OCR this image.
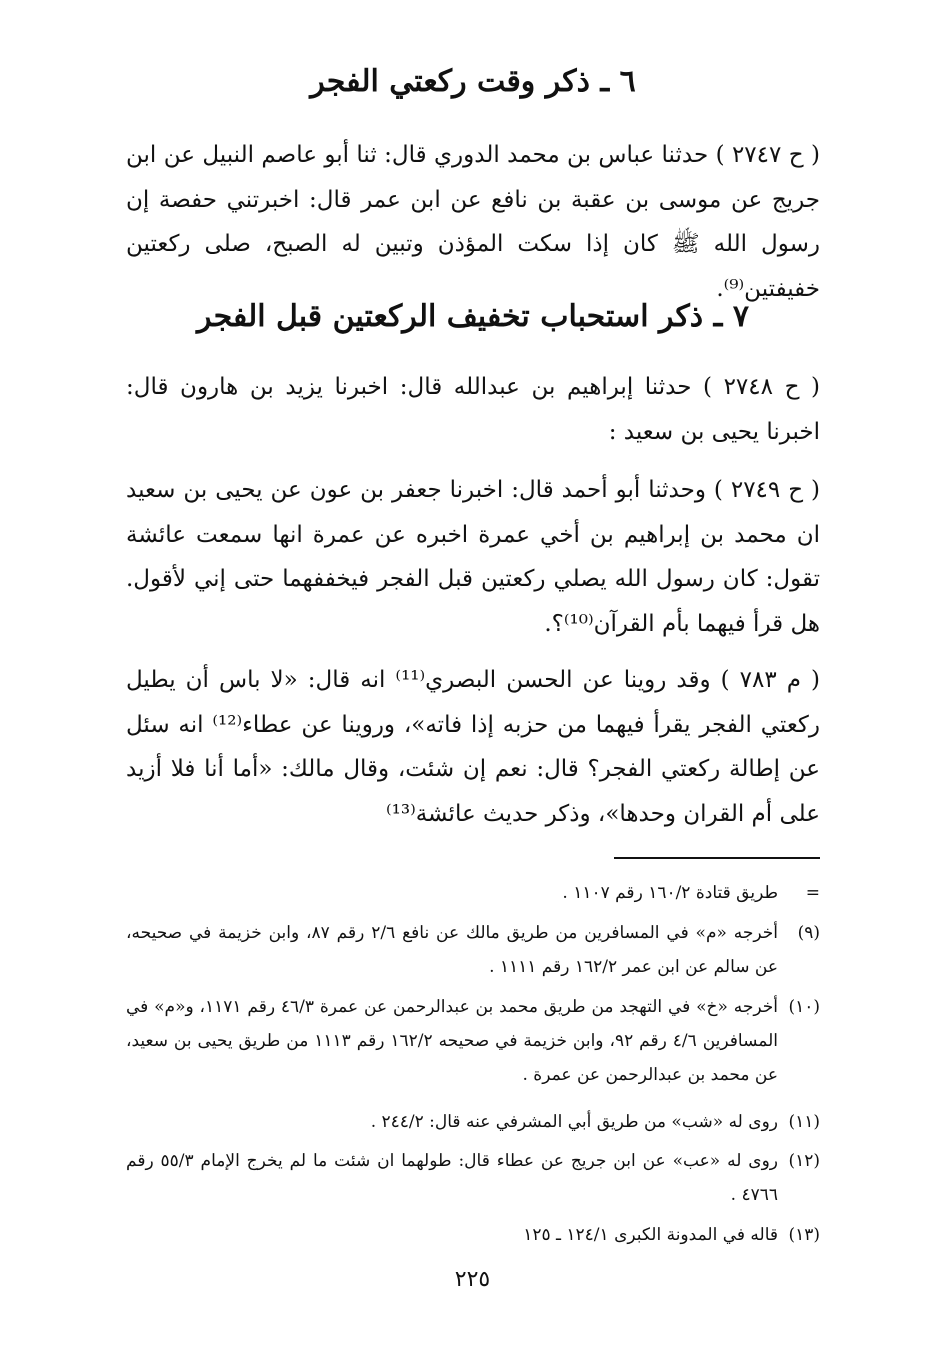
٦ ـ ذكر وقت ركعتي الفجر

( ح ٢٧٤٧ ) حدثنا عباس بن محمد الدوري قال: ثنا أبو عاصم النبيل عن ابن جريج عن موسى بن عقبة بن نافع عن ابن عمر قال: اخبرتني حفصة إن رسول الله ﷺ كان إذا سكت المؤذن وتبين له الصبح، صلى ركعتين خفيفتين⁽⁹⁾.

٧ ـ ذكر استحباب تخفيف الركعتين قبل الفجر

( ح ٢٧٤٨ ) حدثنا إبراهيم بن عبدالله قال: اخبرنا يزيد بن هارون قال: اخبرنا يحيى بن سعيد :

( ح ٢٧٤٩ ) وحدثنا أبو أحمد قال: اخبرنا جعفر بن عون عن يحيى بن سعيد ان محمد بن إبراهيم بن أخي عمرة اخبره عن عمرة انها سمعت عائشة تقول: كان رسول الله يصلي ركعتين قبل الفجر فيخففهما حتى إني لأقول. هل قرأ فيهما بأم القرآن⁽¹⁰⁾؟.

( م ٧٨٣ ) وقد روينا عن الحسن البصري⁽¹¹⁾ انه قال: «لا باس أن يطيل ركعتي الفجر يقرأ فيهما من حزبه إذا فاته»، وروينا عن عطاء⁽¹²⁾ انه سئل عن إطالة ركعتي الفجر؟ قال: نعم إن شئت، وقال مالك: «أما أنا فلا أزيد على أم القران وحدها»، وذكر حديث عائشة⁽¹³⁾

=
طريق قتادة ١٦٠/٢ رقم ١١٠٧ .
(٩)
أخرجه «م» في المسافرين من طريق مالك عن نافع ٢/٦ رقم ٨٧، وابن خزيمة في صحيحه، عن سالم عن ابن عمر ١٦٢/٢ رقم ١١١١ .
(١٠)
أخرجه «خ» في التهجد من طريق محمد بن عبدالرحمن عن عمرة ٤٦/٣ رقم ١١٧١، و«م» في المسافرين ٤/٦ رقم ٩٢، وابن خزيمة في صحيحه ١٦٢/٢ رقم ١١١٣ من طريق يحيى بن سعيد، عن محمد بن عبدالرحمن عن عمرة .
(١١)
روى له «شب» من طريق أبي المشرفي عنه قال: ٢٤٤/٢ .
(١٢)
روى له «عب» عن ابن جريج عن عطاء قال: طولهما ان شئت ما لم يخرج الإمام ٥٥/٣ رقم ٤٧٦٦ .
(١٣)
قاله في المدونة الكبرى ١٢٤/١ ـ ١٢٥
٢٢٥
